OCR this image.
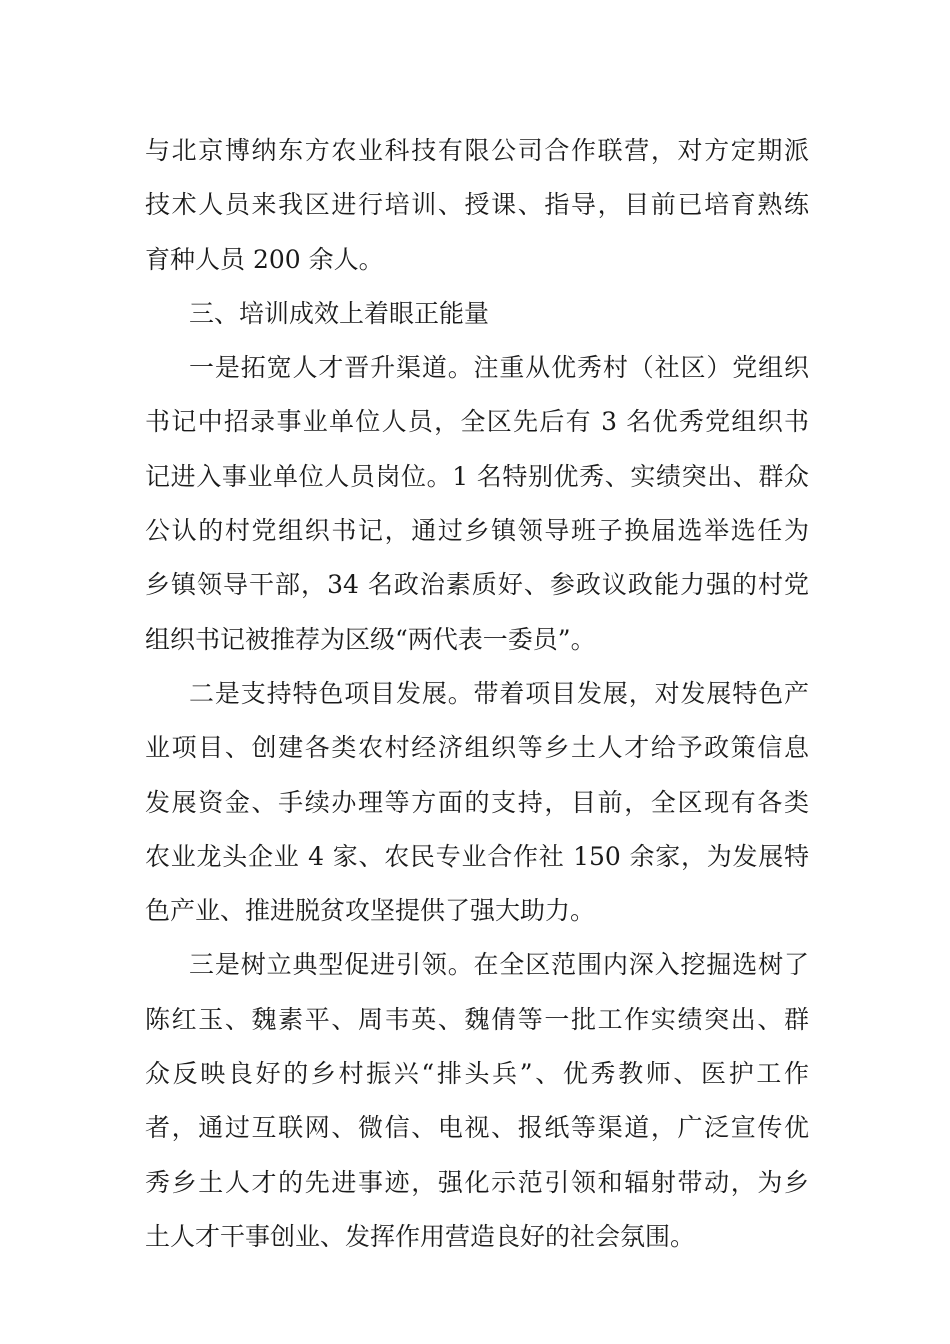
与北京博纳东方农业科技有限公司合作联营，对方定期派
技术人员来我区进行培训、授课、指导，目前已培育熟练
育种人员 200 余人。
三、培训成效上着眼正能量
一是拓宽人才晋升渠道。注重从优秀村（社区）党组织
书记中招录事业单位人员，全区先后有 3 名优秀党组织书
记进入事业单位人员岗位。1 名特别优秀、实绩突出、群众
公认的村党组织书记，通过乡镇领导班子换届选举选任为
乡镇领导干部，34 名政治素质好、参政议政能力强的村党
组织书记被推荐为区级“两代表一委员”。
二是支持特色项目发展。带着项目发展，对发展特色产
业项目、创建各类农村经济组织等乡土人才给予政策信息
发展资金、手续办理等方面的支持，目前，全区现有各类
农业龙头企业 4 家、农民专业合作社 150 余家，为发展特
色产业、推进脱贫攻坚提供了强大助力。
三是树立典型促进引领。在全区范围内深入挖掘选树了
陈红玉、魏素平、周韦英、魏倩等一批工作实绩突出、群
众反映良好的乡村振兴“排头兵”、优秀教师、医护工作
者，通过互联网、微信、电视、报纸等渠道，广泛宣传优
秀乡土人才的先进事迹，强化示范引领和辐射带动，为乡
土人才干事创业、发挥作用营造良好的社会氛围。
